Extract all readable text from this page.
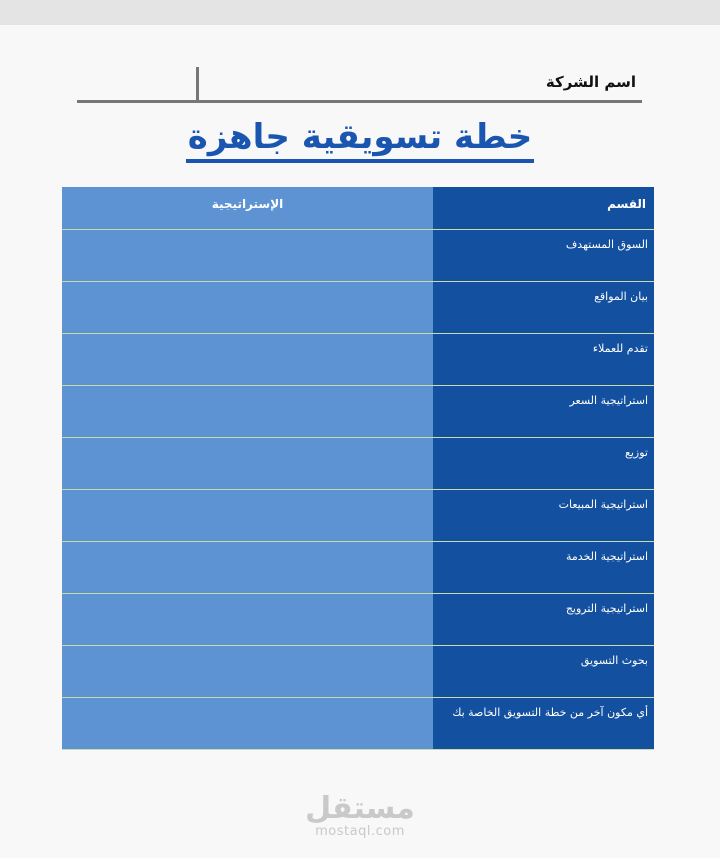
اسم الشركة
خطة تسويقية جاهزة
القسم	الإستراتيجية
السوق المستهدف	
بيان المواقع	
تقدم للعملاء	
استراتيجية السعر	
توزيع	
استراتيجية المبيعات	
استراتيجية الخدمة	
استراتيجية الترويج	
بحوث التسويق	
أي مكون آخر من خطة التسويق الخاصة بك	
مستقل
mostaql.com
